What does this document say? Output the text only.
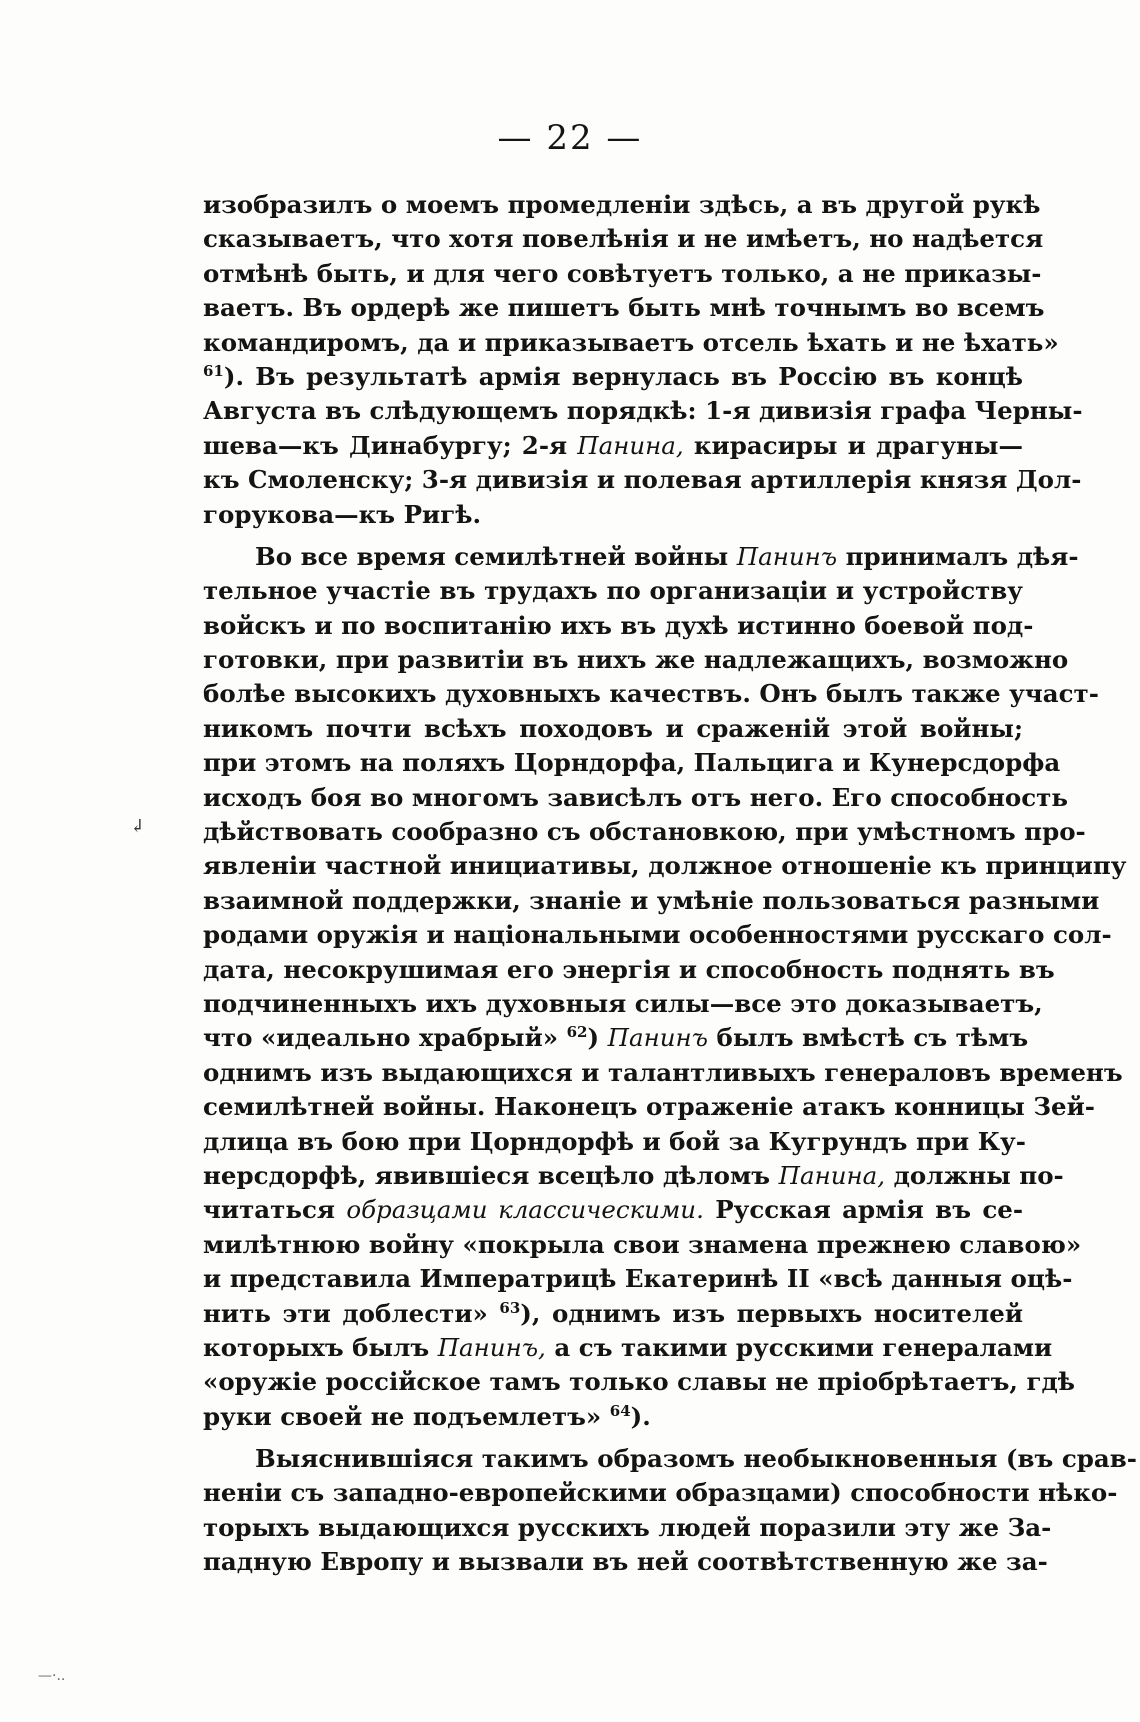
— 22 —
↲
—·..
изобразилъ о моемъ промедленіи здѣсь, а въ другой рукѣ
сказываетъ, что хотя повелѣнія и не имѣетъ, но надѣется
отмѣнѣ быть, и для чего совѣтуетъ только, а не приказы-
ваетъ. Въ ордерѣ же пишетъ быть мнѣ точнымъ во всемъ
командиромъ, да и приказываетъ отсель ѣхать и не ѣхать»
$^{61}$). Въ результатѣ армія вернулась въ Россію въ концѣ
Августа въ слѣдующемъ порядкѣ: 1-я дивизія графа Черны-
шева—къ Динабургу; 2-я Панина, кирасиры и драгуны—
къ Смоленску; 3-я дивизія и полевая артиллерія князя Дол-
горукова—къ Ригѣ.
Во все время семилѣтней войны Панинъ принималъ дѣя-
тельное участіе въ трудахъ по организаціи и устройству
войскъ и по воспитанію ихъ въ духѣ истинно боевой под-
готовки, при развитіи въ нихъ же надлежащихъ, возможно
болѣе высокихъ духовныхъ качествъ. Онъ былъ также участ-
никомъ почти всѣхъ походовъ и сраженій этой войны;
при этомъ на поляхъ Цорндорфа, Пальцига и Кунерсдорфа
исходъ боя во многомъ зависѣлъ отъ него. Его способность
дѣйствовать сообразно съ обстановкою, при умѣстномъ про-
явленіи частной инициативы, должное отношеніе къ принципу
взаимной поддержки, знаніе и умѣніе пользоваться разными
родами оружія и національными особенностями русскаго сол-
дата, несокрушимая его энергія и способность поднять въ
подчиненныхъ ихъ духовныя силы—все это доказываетъ,
что «идеально храбрый» $^{62}$) Панинъ былъ вмѣстѣ съ тѣмъ
однимъ изъ выдающихся и талантливыхъ генераловъ временъ
семилѣтней войны. Наконецъ отраженіе атакъ конницы Зей-
длица въ бою при Цорндорфѣ и бой за Кугрундъ при Ку-
нерсдорфѣ, явившіеся всецѣло дѣломъ Панина, должны по-
читаться образцами классическими. Русская армія въ се-
милѣтнюю войну «покрыла свои знамена прежнею славою»
и представила Императрицѣ Екатеринѣ II «всѣ данныя оцѣ-
нить эти доблести» $^{63}$), однимъ изъ первыхъ носителей
которыхъ былъ Панинъ, а съ такими русскими генералами
«оружіе россійское тамъ только славы не пріобрѣтаетъ, гдѣ
руки своей не подъемлетъ» $^{64}$).
Выяснившіяся такимъ образомъ необыкновенныя (въ срав-
неніи съ западно-европейскими образцами) способности нѣко-
торыхъ выдающихся русскихъ людей поразили эту же За-
падную Европу и вызвали въ ней соотвѣтственную же за-
